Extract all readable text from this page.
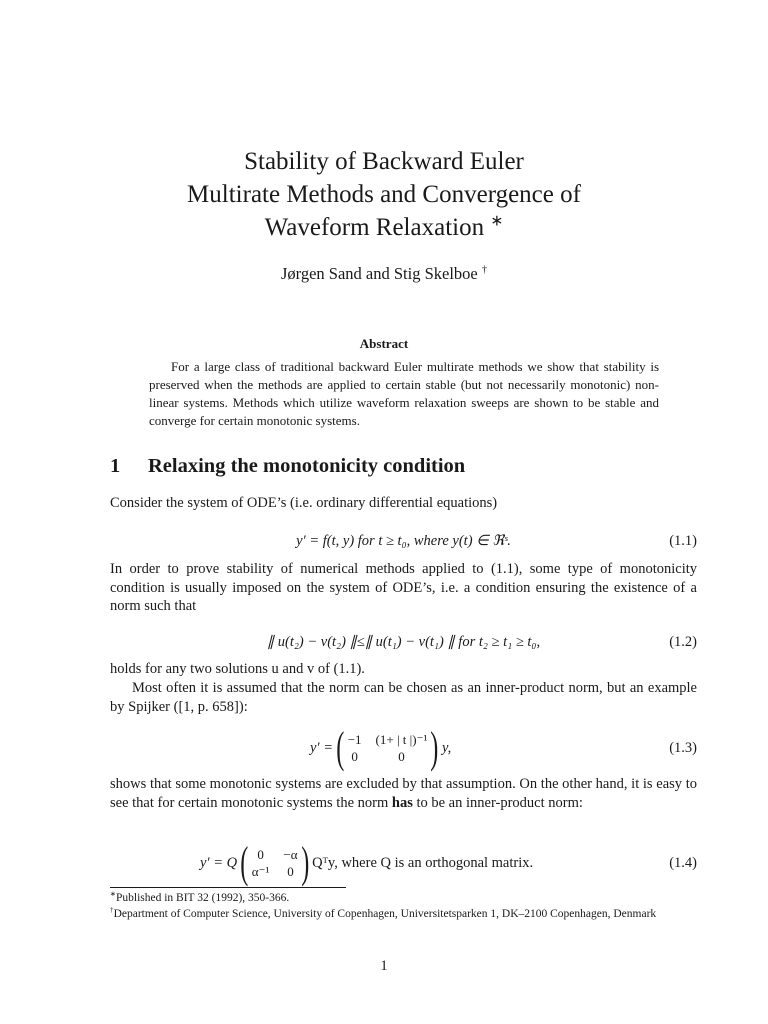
Stability of Backward Euler
Multirate Methods and Convergence of
Waveform Relaxation ∗
Jørgen Sand and Stig Skelboe †
Abstract
For a large class of traditional backward Euler multirate methods we show that stability is preserved when the methods are applied to certain stable (but not necessarily monotonic) non-linear systems. Methods which utilize waveform relaxation sweeps are shown to be stable and converge for certain monotonic systems.
1 Relaxing the monotonicity condition
Consider the system of ODE’s (i.e. ordinary differential equations)
y′ = f(t, y) for t ≥ t₀, where y(t) ∈ ℜˢ.	(1.1)
In order to prove stability of numerical methods applied to (1.1), some type of monotonicity condition is usually imposed on the system of ODE’s, i.e. a condition ensuring the existence of a norm such that
∥ u(t₂) − v(t₂) ∥≤∥ u(t₁) − v(t₁) ∥ for t₂ ≥ t₁ ≥ t₀,	(1.2)
holds for any two solutions u and v of (1.1).
Most often it is assumed that the norm can be chosen as an inner-product norm, but an example by Spijker ([1, p. 658]):
y′ = ( −1 (1+ | t |)⁻¹
0	0 ) y,	(1.3)
shows that some monotonic systems are excluded by that assumption. On the other hand, it is easy to see that for certain monotonic systems the norm has to be an inner-product norm:
y′ = Q ( 0	−α
α⁻¹ 0 ) Qᵀy, where Q is an orthogonal matrix.	(1.4)
∗Published in BIT 32 (1992), 350-366.
†Department of Computer Science, University of Copenhagen, Universitetsparken 1, DK–2100 Copenhagen, Denmark
1
